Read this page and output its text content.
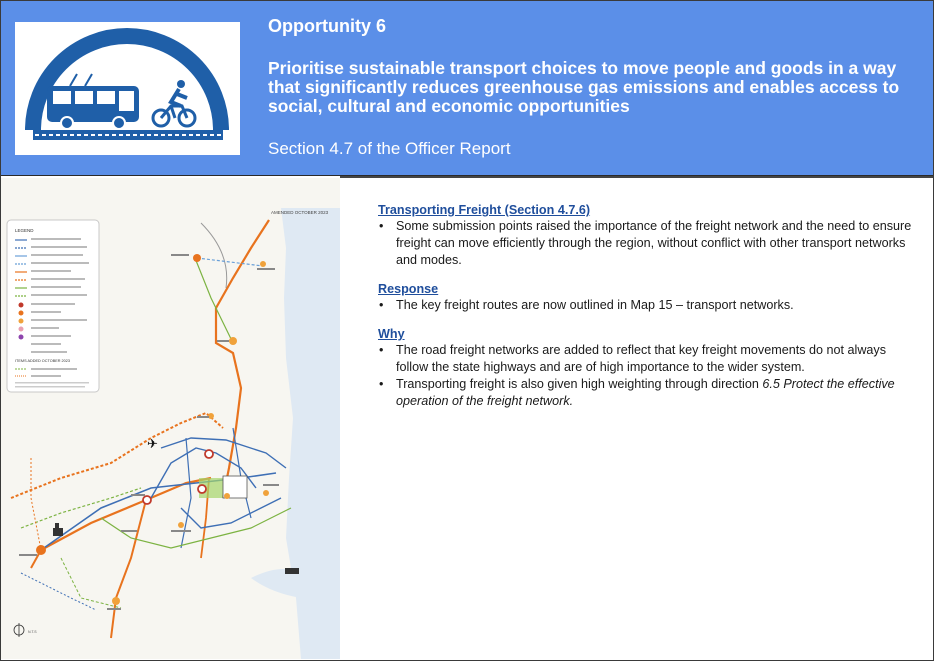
Opportunity 6
Prioritise sustainable transport choices to move people and goods in a way that significantly reduces greenhouse gas emissions and enables access to social, cultural and economic opportunities
Section 4.7 of the Officer Report
LEGEND
ITEMS ADDED OCTOBER 2023
AMENDED OCTOBER 2023
✈
N.T.S
Transporting Freight (Section 4.7.6)
• Some submission points raised the importance of the freight network and the need to ensure freight can move efficiently through the region, without conflict with other transport networks and modes.
Response
• The key freight routes are now outlined in Map 15 – transport networks.
Why
• The road freight networks are added to reflect that key freight movements do not always follow the state highways and are of high importance to the wider system.
• Transporting freight is also given high weighting through direction 6.5 Protect the effective operation of the freight network.
